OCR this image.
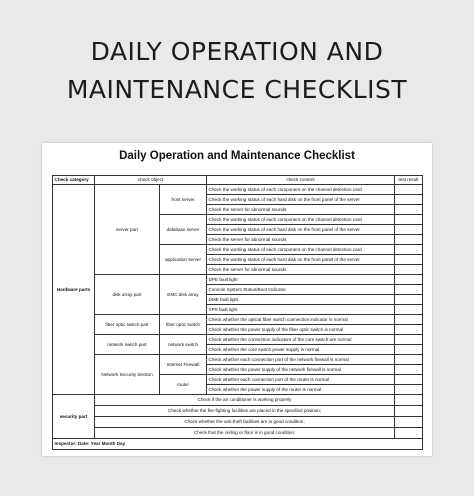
DAILY OPERATION AND
MAINTENANCE CHECKLIST
Daily Operation and Maintenance Checklist
Check category	check object		check content	test result
Hardware parts	server part	front server	Check the working status of each component on the channel detection card	
			Check the working status of each hard disk on the front panel of the server	
			Check the server for abnormal sounds	
		database server	Check the working status of each component on the channel detection card	
			Check the working status of each hard disk on the front panel of the server	
			Check the server for abnormal sounds	
		application server	Check the working status of each component on the channel detection card	
			Check the working status of each hard disk on the front panel of the server	
			Check the server for abnormal sounds	
	disk array part	EMC disk array	DPE fault light	
			Console System Status/Boot Indicator	
			DME fault light	
			SPS fault light	
	fiber optic switch part	fiber optic switch	Check whether the optical fiber switch connection indicator is normal	
			Check whether the power supply of the fiber optic switch is normal	
	network switch part	network switch	Check whether the connection indicators of the core switch are normal	
			Check whether the core switch power supply is normal	
	Network Security Section	Internet Firewall	Check whether each connection port of the network firewall is normal	
			Check whether the power supply of the network firewall is normal	
		router	Check whether each connection port of the router is normal	
			Check whether the power supply of the router is normal	
security part	Check if the air conditioner is working properly			
	Check whether the fire-fighting facilities are placed in the specified position;			
	Check whether the anti-theft facilities are in good condition;			
	Check that the ceiling or floor is in good condition;			
Inspector: Date: Year Month Day				
